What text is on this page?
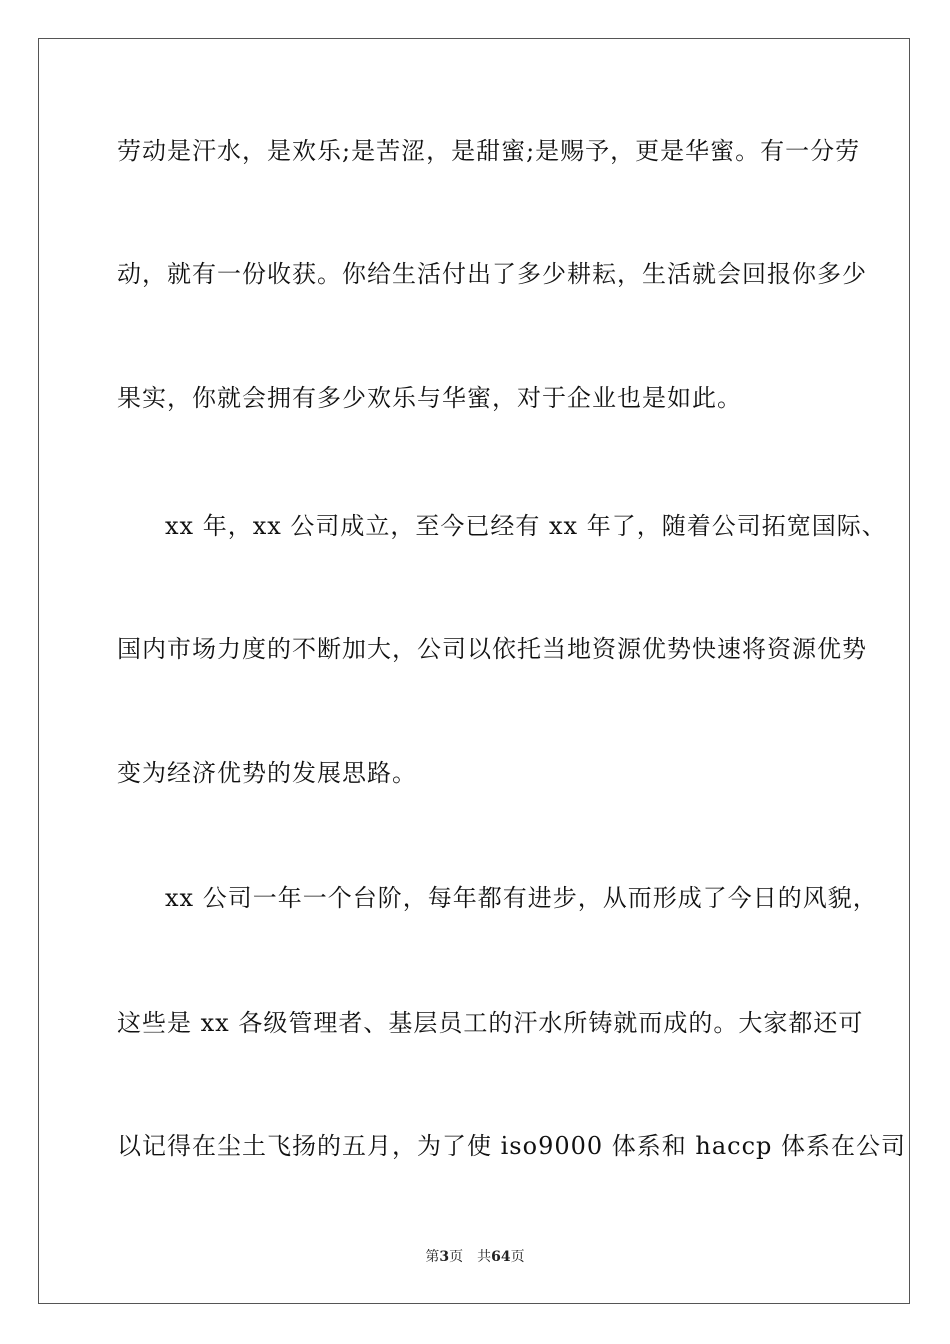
劳动是汗水，是欢乐;是苦涩，是甜蜜;是赐予，更是华蜜。有一分劳
动，就有一份收获。你给生活付出了多少耕耘，生活就会回报你多少
果实，你就会拥有多少欢乐与华蜜，对于企业也是如此。
xx 年，xx 公司成立，至今已经有 xx 年了，随着公司拓宽国际、
国内市场力度的不断加大，公司以依托当地资源优势快速将资源优势
变为经济优势的发展思路。
xx 公司一年一个台阶，每年都有进步，从而形成了今日的风貌，
这些是 xx 各级管理者、基层员工的汗水所铸就而成的。大家都还可
以记得在尘土飞扬的五月，为了使 iso9000 体系和 haccp 体系在公司
第3页 共64页
